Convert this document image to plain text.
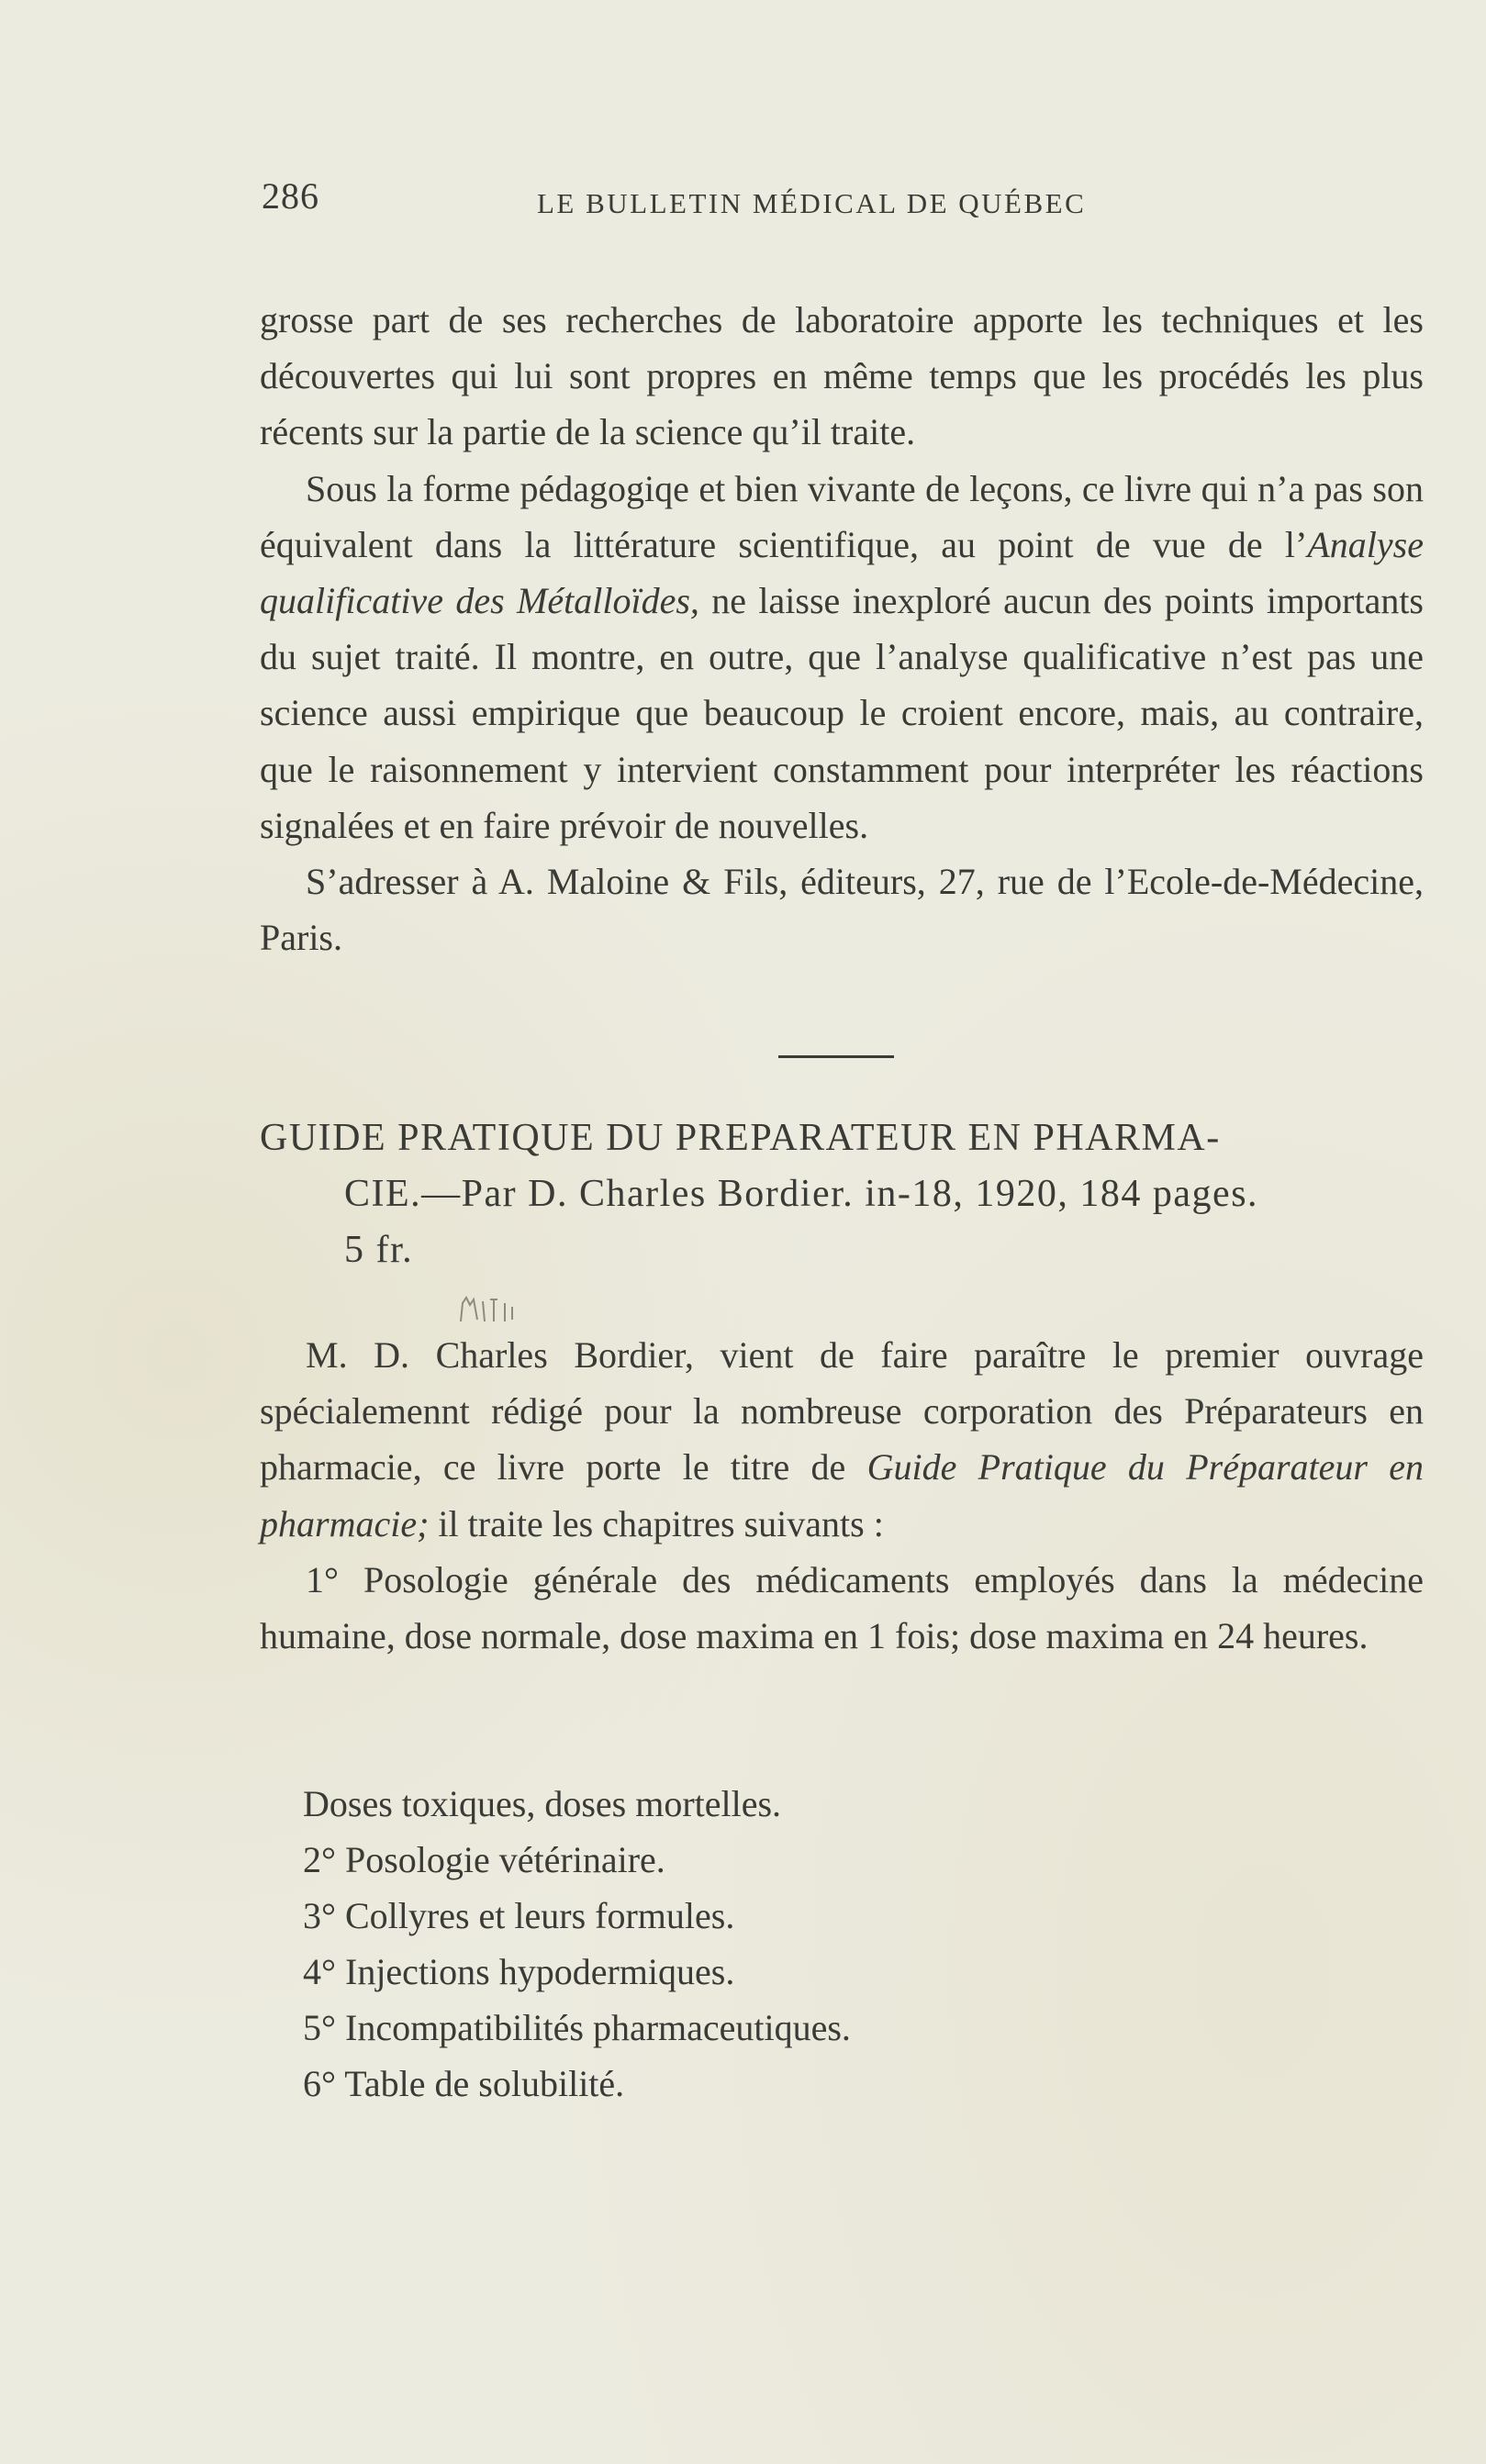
286	LE BULLETIN MÉDICAL DE QUÉBEC

grosse part de ses recherches de laboratoire apporte les techniques et les découvertes qui lui sont propres en même temps que les procédés les plus récents sur la partie de la science qu’il traite.

Sous la forme pédagogiqe et bien vivante de leçons, ce livre qui n’a pas son équivalent dans la littérature scientifique, au point de vue de l’Analyse qualificative des Métalloïdes, ne laisse inexploré aucun des points importants du sujet traité. Il montre, en outre, que l’analyse qualificative n’est pas une science aussi empirique que beaucoup le croient encore, mais, au contraire, que le raisonnement y intervient constamment pour interpréter les réactions signalées et en faire prévoir de nouvelles.

S’adresser à A. Maloine & Fils, éditeurs, 27, rue de l’Ecole-de-Médecine, Paris.

GUIDE PRATIQUE DU PREPARATEUR EN PHARMA-
CIE.—Par D. Charles Bordier. in-18, 1920, 184 pages.
5 fr.

M. D. Charles Bordier, vient de faire paraître le premier ouvrage spécialemennt rédigé pour la nombreuse corporation des Préparateurs en pharmacie, ce livre porte le titre de Guide Pratique du Préparateur en pharmacie; il traite les chapitres suivants :

1° Posologie générale des médicaments employés dans la médecine humaine, dose normale, dose maxima en 1 fois; dose maxima en 24 heures.

Doses toxiques, doses mortelles.
2° Posologie vétérinaire.
3° Collyres et leurs formules.
4° Injections hypodermiques.
5° Incompatibilités pharmaceutiques.
6° Table de solubilité.
